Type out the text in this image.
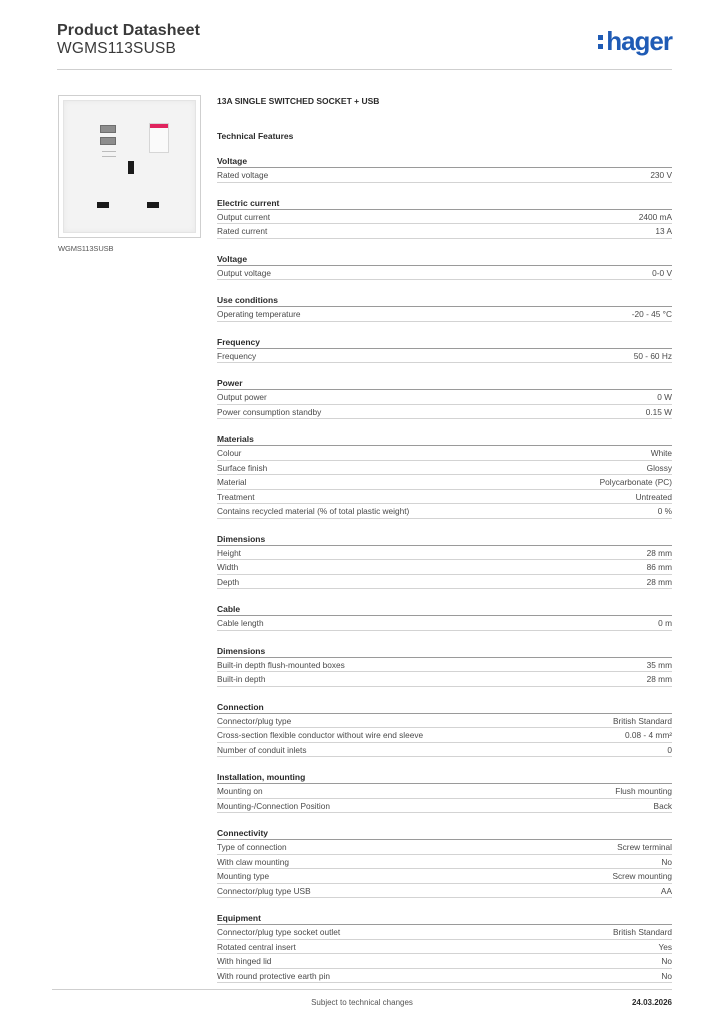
Product Datasheet
WGMS113SUSB	hager
WGMS113SUSB
13A SINGLE SWITCHED SOCKET + USB
Technical Features
Voltage
Rated voltage	230 V
Electric current
Output current	2400 mA
Rated current	13 A
Voltage
Output voltage	0-0 V
Use conditions
Operating temperature	-20 - 45 °C
Frequency
Frequency	50 - 60 Hz
Power
Output power	0 W
Power consumption standby	0.15 W
Materials
Colour	White
Surface finish	Glossy
Material	Polycarbonate (PC)
Treatment	Untreated
Contains recycled material (% of total plastic weight)	0 %
Dimensions
Height	28 mm
Width	86 mm
Depth	28 mm
Cable
Cable length	0 m
Dimensions
Built-in depth flush-mounted boxes	35 mm
Built-in depth	28 mm
Connection
Connector/plug type	British Standard
Cross-section flexible conductor without wire end sleeve	0.08 - 4 mm²
Number of conduit inlets	0
Installation, mounting
Mounting on	Flush mounting
Mounting-/Connection Position	Back
Connectivity
Type of connection	Screw terminal
With claw mounting	No
Mounting type	Screw mounting
Connector/plug type USB	AA
Equipment
Connector/plug type socket outlet	British Standard
Rotated central insert	Yes
With hinged lid	No
With round protective earth pin	No
Subject to technical changes	24.03.2026
